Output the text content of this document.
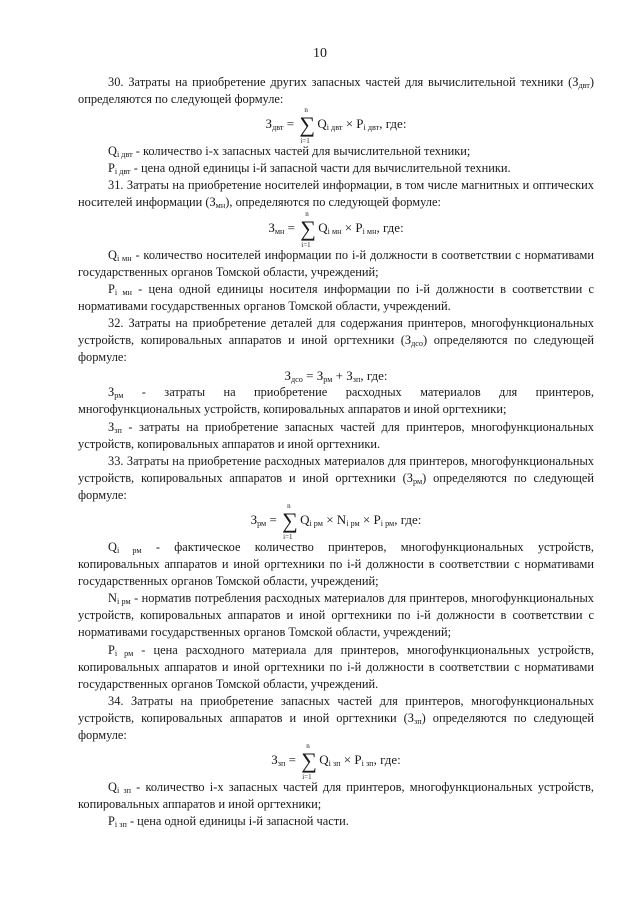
10

30. Затраты на приобретение других запасных частей для вычислительной техники $(З_{двт})$ определяются по следующей формуле:

$З_{двт}$ =
n
∑
i=1
$Q_{i двт} \times P_{i двт}$, где:

$Q_{i двт}$ - количество i-х запасных частей для вычислительной техники;

$P_{i двт}$ - цена одной единицы i-й запасной части для вычислительной техники.

31. Затраты на приобретение носителей информации, в том числе магнитных и оптических носителей информации $(З_{мн})$, определяются по следующей формуле:

$З_{мн}$ =
n
∑
i=1
$Q_{i мн} \times P_{i мн}$, где:

$Q_{i мн}$ - количество носителей информации по i-й должности в соответствии с нормативами государственных органов Томской области, учреждений;

$P_{i мн}$ - цена одной единицы носителя информации по i-й должности в соответствии с нормативами государственных органов Томской области, учреждений.

32. Затраты на приобретение деталей для содержания принтеров, многофункциональных устройств, копировальных аппаратов и иной оргтехники $(З_{дсо})$ определяются по следующей формуле:

$З_{дсо} = З_{рм} + З_{зп}$, где:

$З_{рм}$ - затраты на приобретение расходных материалов для принтеров, многофункциональных устройств, копировальных аппаратов и иной оргтехники;

$З_{зп}$ - затраты на приобретение запасных частей для принтеров, многофункциональных устройств, копировальных аппаратов и иной оргтехники.

33. Затраты на приобретение расходных материалов для принтеров, многофункциональных устройств, копировальных аппаратов и иной оргтехники $(З_{рм})$ определяются по следующей формуле:

$З_{рм}$ =
n
∑
i=1
$Q_{i рм} \times N_{i рм} \times P_{i рм}$, где:

$Q_{i рм}$ - фактическое количество принтеров, многофункциональных устройств, копировальных аппаратов и иной оргтехники по i-й должности в соответствии с нормативами государственных органов Томской области, учреждений;

$N_{i рм}$ - норматив потребления расходных материалов для принтеров, многофункциональных устройств, копировальных аппаратов и иной оргтехники по i-й должности в соответствии с нормативами государственных органов Томской области, учреждений;

$P_{i рм}$ - цена расходного материала для принтеров, многофункциональных устройств, копировальных аппаратов и иной оргтехники по i-й должности в соответствии с нормативами государственных органов Томской области, учреждений.

34. Затраты на приобретение запасных частей для принтеров, многофункциональных устройств, копировальных аппаратов и иной оргтехники $(З_{зп})$ определяются по следующей формуле:

$З_{зп}$ =
n
∑
i=1
$Q_{i зп} \times P_{i зп}$, где:

$Q_{i зп}$ - количество i-х запасных частей для принтеров, многофункциональных устройств, копировальных аппаратов и иной оргтехники;

$P_{i зп}$ - цена одной единицы i-й запасной части.
